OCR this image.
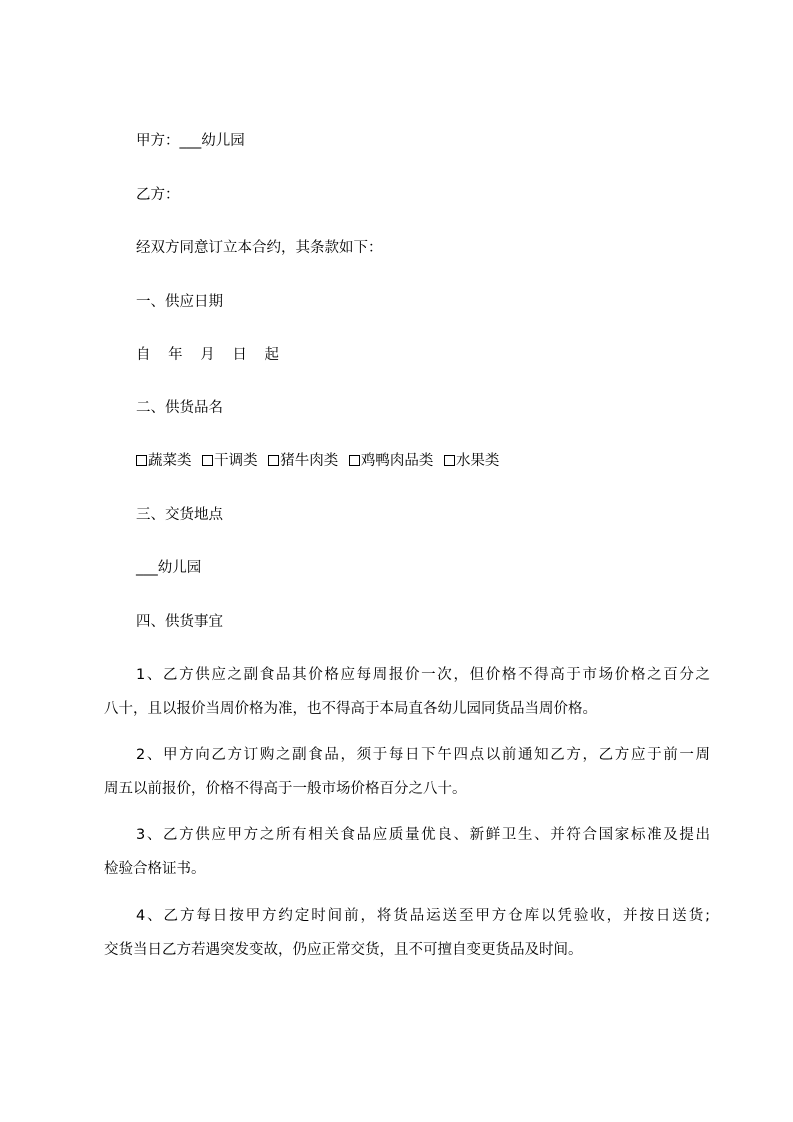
甲方：___幼儿园
乙方：
经双方同意订立本合约，其条款如下：
一、供应日期
自 年 月 日 起
二、供货品名
蔬菜类 干调类 猪牛肉类 鸡鸭肉品类 水果类
三、交货地点
___幼儿园
四、供货事宜
1、乙方供应之副食品其价格应每周报价一次，但价格不得高于市场价格之百分之
八十，且以报价当周价格为准，也不得高于本局直各幼儿园同货品当周价格。
2、甲方向乙方订购之副食品，须于每日下午四点以前通知乙方，乙方应于前一周
周五以前报价，价格不得高于一般市场价格百分之八十。
3、乙方供应甲方之所有相关食品应质量优良、新鲜卫生、并符合国家标准及提出
检验合格证书。
4、乙方每日按甲方约定时间前，将货品运送至甲方仓库以凭验收，并按日送货;
交货当日乙方若遇突发变故，仍应正常交货，且不可擅自变更货品及时间。
